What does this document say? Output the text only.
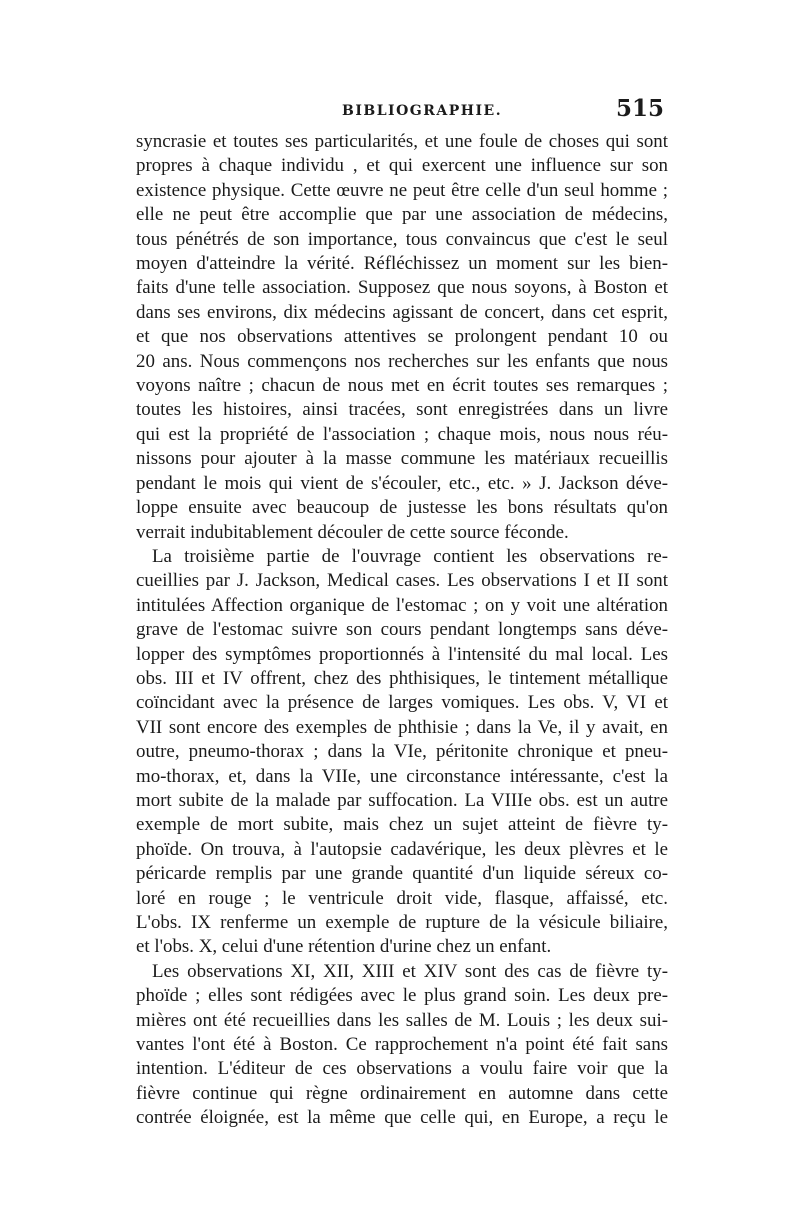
BIBLIOGRAPHIE.	515
syncrasie et toutes ses particularités, et une foule de choses qui sont
propres à chaque individu , et qui exercent une influence sur son
existence physique. Cette œuvre ne peut être celle d'un seul homme ;
elle ne peut être accomplie que par une association de médecins,
tous pénétrés de son importance, tous convaincus que c'est le seul
moyen d'atteindre la vérité. Réfléchissez un moment sur les bien-
faits d'une telle association. Supposez que nous soyons, à Boston et
dans ses environs, dix médecins agissant de concert, dans cet esprit,
et que nos observations attentives se prolongent pendant 10 ou
20 ans. Nous commençons nos recherches sur les enfants que nous
voyons naître ; chacun de nous met en écrit toutes ses remarques ;
toutes les histoires, ainsi tracées, sont enregistrées dans un livre
qui est la propriété de l'association ; chaque mois, nous nous réu-
nissons pour ajouter à la masse commune les matériaux recueillis
pendant le mois qui vient de s'écouler, etc., etc. » J. Jackson déve-
loppe ensuite avec beaucoup de justesse les bons résultats qu'on
verrait indubitablement découler de cette source féconde.
La troisième partie de l'ouvrage contient les observations re-
cueillies par J. Jackson, Medical cases. Les observations I et II sont
intitulées Affection organique de l'estomac ; on y voit une altération
grave de l'estomac suivre son cours pendant longtemps sans déve-
lopper des symptômes proportionnés à l'intensité du mal local. Les
obs. III et IV offrent, chez des phthisiques, le tintement métallique
coïncidant avec la présence de larges vomiques. Les obs. V, VI et
VII sont encore des exemples de phthisie ; dans la Ve, il y avait, en
outre, pneumo-thorax ; dans la VIe, péritonite chronique et pneu-
mo-thorax, et, dans la VIIe, une circonstance intéressante, c'est la
mort subite de la malade par suffocation. La VIIIe obs. est un autre
exemple de mort subite, mais chez un sujet atteint de fièvre ty-
phoïde. On trouva, à l'autopsie cadavérique, les deux plèvres et le
péricarde remplis par une grande quantité d'un liquide séreux co-
loré en rouge ; le ventricule droit vide, flasque, affaissé, etc.
L'obs. IX renferme un exemple de rupture de la vésicule biliaire,
et l'obs. X, celui d'une rétention d'urine chez un enfant.
Les observations XI, XII, XIII et XIV sont des cas de fièvre ty-
phoïde ; elles sont rédigées avec le plus grand soin. Les deux pre-
mières ont été recueillies dans les salles de M. Louis ; les deux sui-
vantes l'ont été à Boston. Ce rapprochement n'a point été fait sans
intention. L'éditeur de ces observations a voulu faire voir que la
fièvre continue qui règne ordinairement en automne dans cette
contrée éloignée, est la même que celle qui, en Europe, a reçu le
